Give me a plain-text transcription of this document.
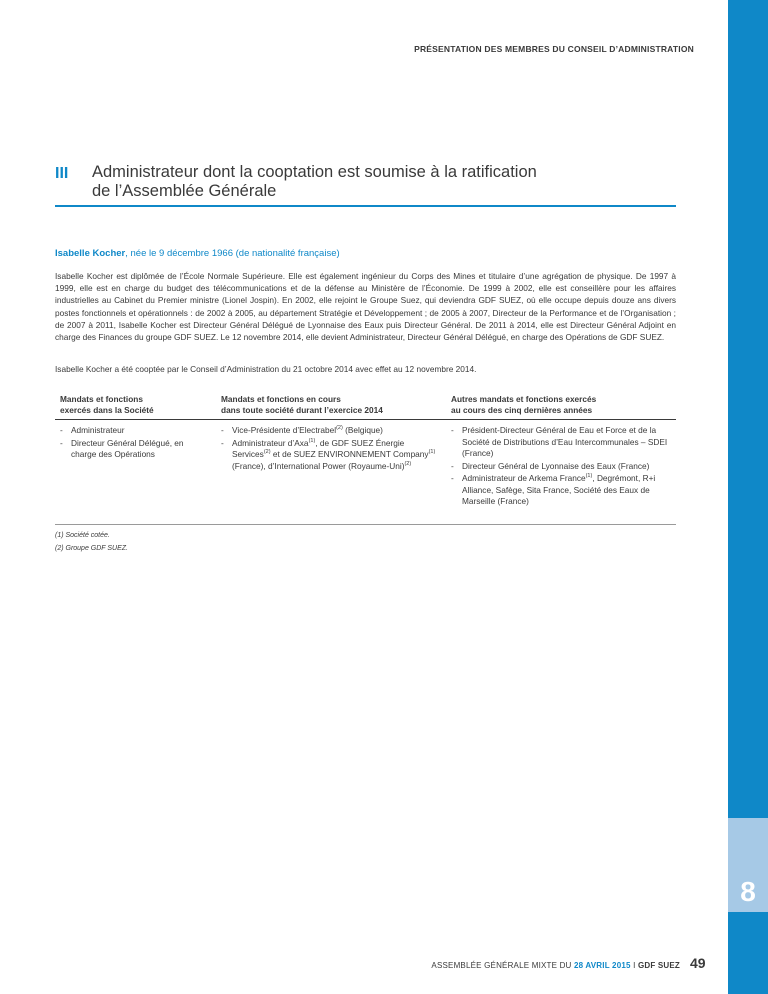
8
PRÉSENTATION DES MEMBRES DU CONSEIL D’ADMINISTRATION
III Administrateur dont la cooptation est soumise à la ratification
de l’Assemblée Générale
Isabelle Kocher, née le 9 décembre 1966 (de nationalité française)

Isabelle Kocher est diplômée de l’École Normale Supérieure. Elle est également ingénieur du Corps des Mines et titulaire d’une agrégation de physique. De 1997 à 1999, elle est en charge du budget des télécommunications et de la défense au Ministère de l’Économie. De 1999 à 2002, elle est conseillère pour les affaires industrielles au Cabinet du Premier ministre (Lionel Jospin). En 2002, elle rejoint le Groupe Suez, qui deviendra GDF SUEZ, où elle occupe depuis douze ans divers postes fonctionnels et opérationnels : de 2002 à 2005, au département Stratégie et Développement ; de 2005 à 2007, Directeur de la Performance et de l’Organisation ; de 2007 à 2011, Isabelle Kocher est Directeur Général Délégué de Lyonnaise des Eaux puis Directeur Général. De 2011 à 2014, elle est Directeur Général Adjoint en charge des Finances du groupe GDF SUEZ. Le 12 novembre 2014, elle devient Administrateur, Directeur Général Délégué, en charge des Opérations de GDF SUEZ.

Isabelle Kocher a été cooptée par le Conseil d’Administration du 21 octobre 2014 avec effet au 12 novembre 2014.

Mandats et fonctions
exercés dans la Société
Mandats et fonctions en cours
dans toute société durant l’exercice 2014
Autres mandats et fonctions exercés
au cours des cinq dernières années
- Administrateur
- Directeur Général Délégué, en charge des Opérations
- Vice-Présidente d’Electrabel$^{(2)}$ (Belgique)
- Administrateur d’Axa$^{(1)}$, de GDF SUEZ Énergie Services$^{(2)}$ et de SUEZ ENVIRONNEMENT Company$^{(1)}$ (France), d’International Power (Royaume-Uni)$^{(2)}$
- Président-Directeur Général de Eau et Force et de la Société de Distributions d’Eau Intercommunales – SDEI (France)
- Directeur Général de Lyonnaise des Eaux (France)
- Administrateur de Arkema France$^{(1)}$, Degrémont, R+i Alliance, Safège, Sita France, Société des Eaux de Marseille (France)
(1) Société cotée.
(2) Groupe GDF SUEZ.
ASSEMBLÉE GÉNÉRALE MIXTE DU 28 AVRIL 2015 I GDF SUEZ 49
